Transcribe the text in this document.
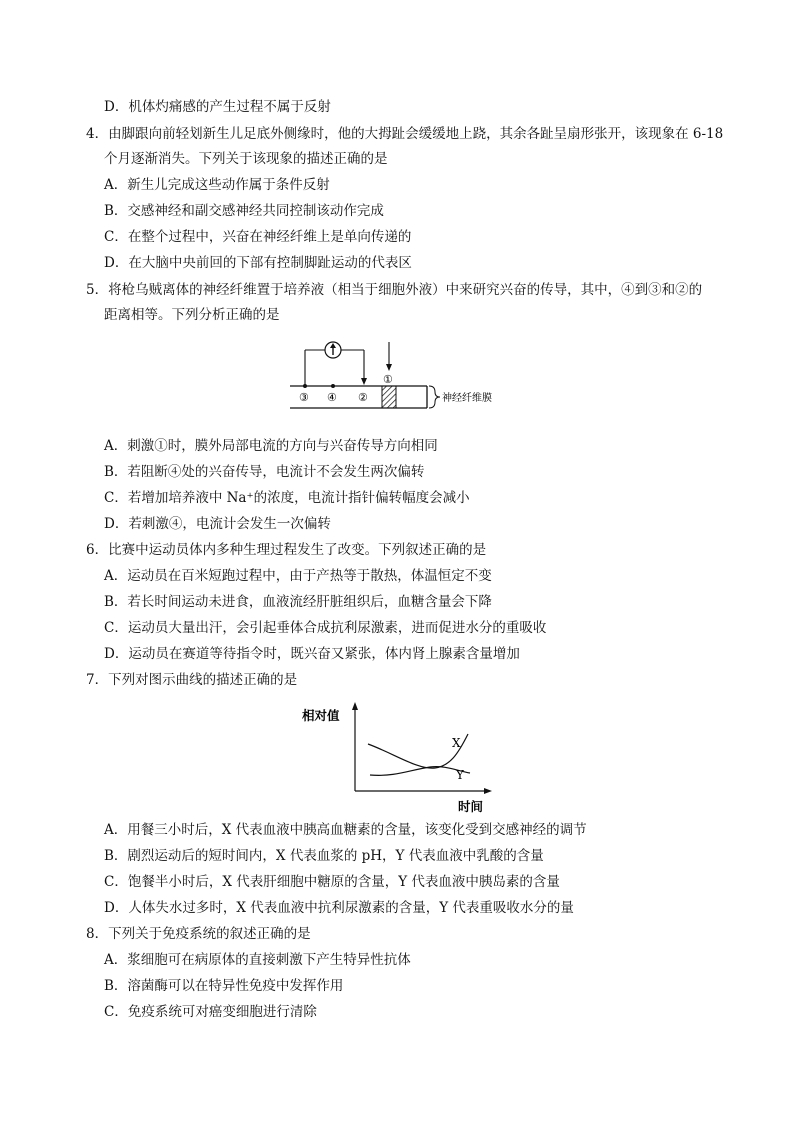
D．机体灼痛感的产生过程不属于反射
4．由脚跟向前轻划新生儿足底外侧缘时，他的大拇趾会缓缓地上跷，其余各趾呈扇形张开，该现象在 6-18
个月逐渐消失。下列关于该现象的描述正确的是
A．新生儿完成这些动作属于条件反射
B．交感神经和副交感神经共同控制该动作完成
C．在整个过程中，兴奋在神经纤维上是单向传递的
D．在大脑中央前回的下部有控制脚趾运动的代表区
5．将枪乌贼离体的神经纤维置于培养液（相当于细胞外液）中来研究兴奋的传导，其中，④到③和②的
距离相等。下列分析正确的是
③ ④ ②
①
神经纤维膜
A．刺激①时，膜外局部电流的方向与兴奋传导方向相同
B．若阻断④处的兴奋传导，电流计不会发生两次偏转
C．若增加培养液中 Na⁺的浓度，电流计指针偏转幅度会减小
D．若刺激④，电流计会发生一次偏转
6．比赛中运动员体内多种生理过程发生了改变。下列叙述正确的是
A．运动员在百米短跑过程中，由于产热等于散热，体温恒定不变
B．若长时间运动未进食，血液流经肝脏组织后，血糖含量会下降
C．运动员大量出汗，会引起垂体合成抗利尿激素，进而促进水分的重吸收
D．运动员在赛道等待指令时，既兴奋又紧张，体内肾上腺素含量增加
7．下列对图示曲线的描述正确的是
相对值
X
Y
时间
A．用餐三小时后，X 代表血液中胰高血糖素的含量，该变化受到交感神经的调节
B．剧烈运动后的短时间内，X 代表血浆的 pH，Y 代表血液中乳酸的含量
C．饱餐半小时后，X 代表肝细胞中糖原的含量，Y 代表血液中胰岛素的含量
D．人体失水过多时，X 代表血液中抗利尿激素的含量，Y 代表重吸收水分的量
8．下列关于免疫系统的叙述正确的是
A．浆细胞可在病原体的直接刺激下产生特异性抗体
B．溶菌酶可以在特异性免疫中发挥作用
C．免疫系统可对癌变细胞进行清除
